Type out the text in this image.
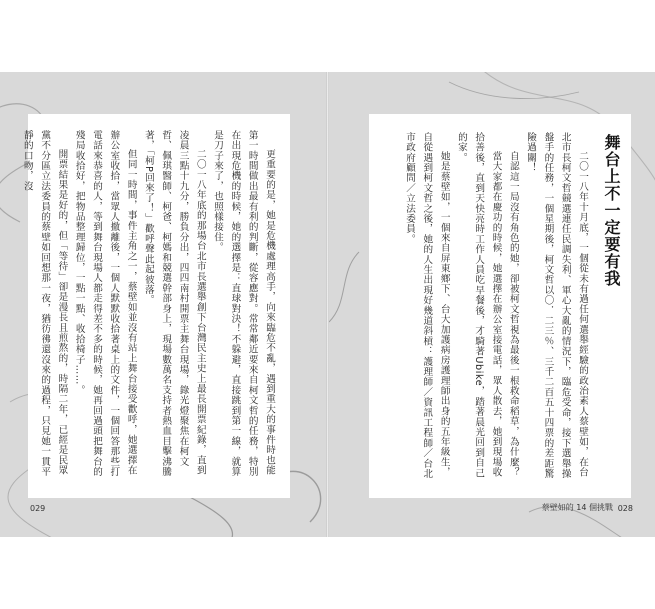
更重要的是，她是危機處理高手，向來臨危不亂，遇到重大的事件時也能第一時間做出最有利的判斷，從容應對。常常鄰近要來自柯文哲的任務，特別在出現危機的時候，她的選擇是：直球對決！不躲避，直接跳到第一線，就算是刀子來了，也照樣接住。

二〇一八年底的那場台北市長選舉創下台灣民主史上最長開票紀錄，直到凌晨三點十九分，勝負分出，四四南村開票主舞台現場，錄光燈聚焦在柯文哲、佩琪醫師、柯爸、柯媽和競選幹部身上，現場數萬名支持者熱血目擊沸騰著，「柯P回來了！」歡呼聲此起彼落。

但同一時間，事件主角之一，蔡壁如並沒有站上舞台接受歡呼，她選擇在辦公室收拾，當眾人撤離後，一個人默默收拾著桌上的文件，一個回答那些打電話來恭喜的人，等到舞台現場人都走得差不多的時候，她再回過頭把舞台的殘局收拾好，把物品整理歸位，一點一點、收拾椅子……。

開票結果是好的，但「等待」卻是漫長且煎熬的，時隔二年，已經是民眾黨不分區立法委員的蔡壁如回想那一夜，猶彷彿還沒來的過程，只見她一貫平靜的口吻，沒

029
舞台上不一定要有我

二〇一八年十月底，一個從未有過任何選舉經驗的政治素人蔡壁如，在台北市長柯文哲競選連任民調失利、軍心大亂的情況下，臨危受命，接下選舉操盤手的任務，一個星期後，柯文哲以〇．二三％、三千二百五十四票的差距驚險過關！

自認這一局沒有角色的她，卻被柯文哲視為最後一根救命稻草，為什麼？

當大家都在慶功的時候，她選擇在辦公室接電話，眾人散去，她到現場收拾善後，直到天快亮時工作人員吃早餐後，才騎著Ubike，踏著晨光回到自己的家。

她是蔡壁如，一個來自屏東鄉下、台大加護病房護理師出身的五年級生，自從遇到柯文哲之後，她的人生出現好幾道斜槓：護理師／資訊工程師／台北市政府顧問／立法委員。

蔡壁如的 14 個挑戰 028
